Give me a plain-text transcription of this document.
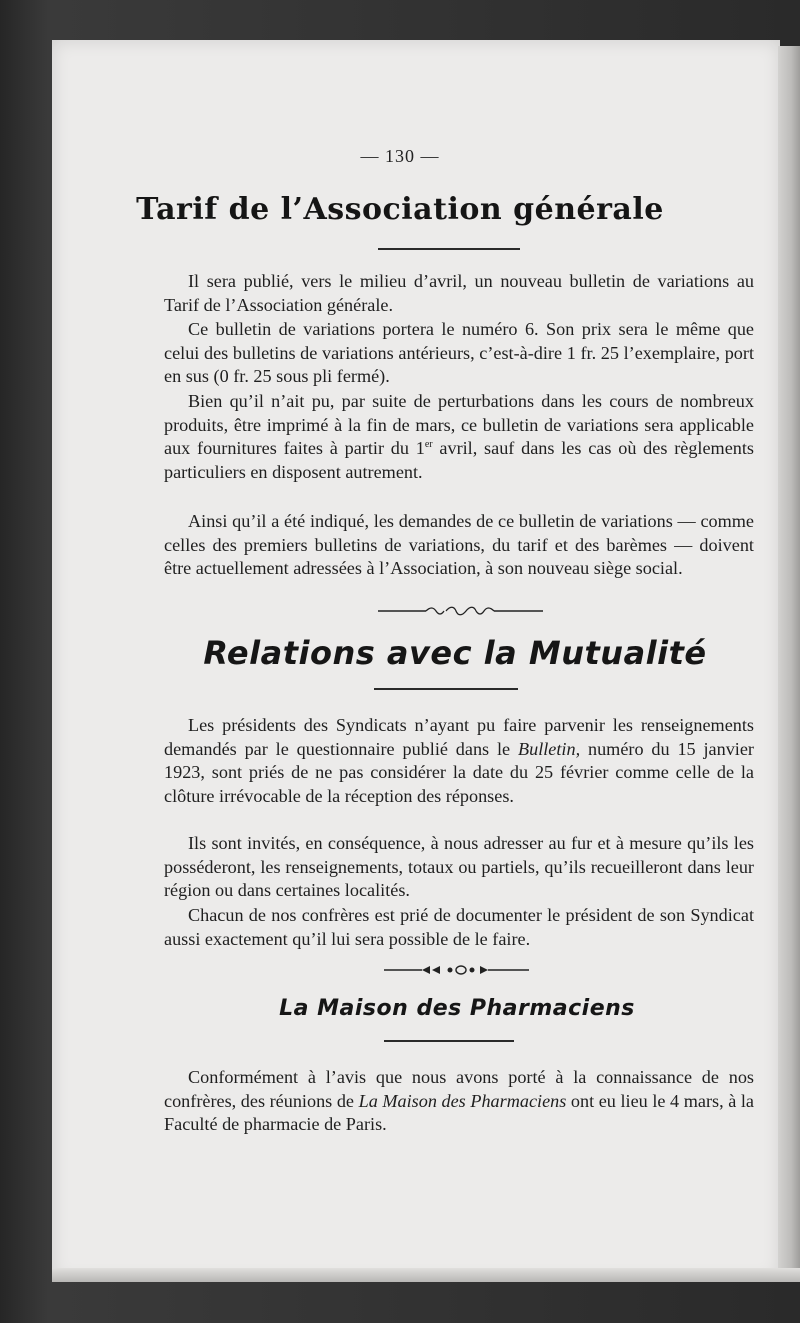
— 130 —
Tarif de l’Association générale
Il sera publié, vers le milieu d’avril, un nouveau bulletin de variations au Tarif de l’Association générale.
Ce bulletin de variations portera le numéro 6. Son prix sera le même que celui des bulletins de variations antérieurs, c’est-à-dire 1 fr. 25 l’exemplaire, port en sus (0 fr. 25 sous pli fermé).
Bien qu’il n’ait pu, par suite de perturbations dans les cours de nombreux produits, être imprimé à la fin de mars, ce bulletin de variations sera applicable aux fournitures faites à partir du 1er avril, sauf dans les cas où des règlements particuliers en disposent autrement.
Ainsi qu’il a été indiqué, les demandes de ce bulletin de variations — comme celles des premiers bulletins de variations, du tarif et des barèmes — doivent être actuellement adressées à l’Association, à son nouveau siège social.
Relations avec la Mutualité
Les présidents des Syndicats n’ayant pu faire parvenir les renseignements demandés par le questionnaire publié dans le Bulletin, numéro du 15 janvier 1923, sont priés de ne pas considérer la date du 25 février comme celle de la clôture irrévocable de la réception des réponses.
Ils sont invités, en conséquence, à nous adresser au fur et à mesure qu’ils les posséderont, les renseignements, totaux ou partiels, qu’ils recueilleront dans leur région ou dans certaines localités.
Chacun de nos confrères est prié de documenter le président de son Syndicat aussi exactement qu’il lui sera possible de le faire.
La Maison des Pharmaciens
Conformément à l’avis que nous avons porté à la connaissance de nos confrères, des réunions de La Maison des Pharmaciens ont eu lieu le 4 mars, à la Faculté de pharmacie de Paris.
